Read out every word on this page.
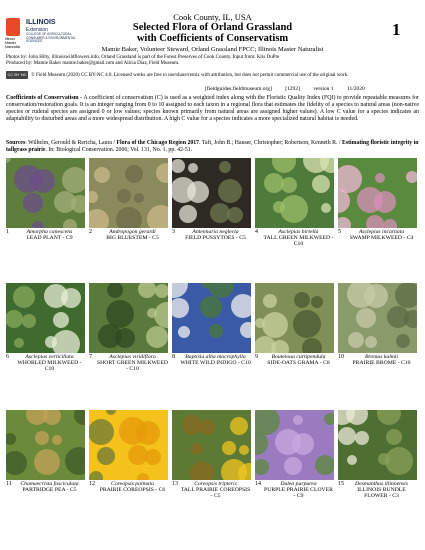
Illinois Master Naturalist
ILLINOIS
Extension
COLLEGE OF AGRICULTURAL, CONSUMER & ENVIRONMENTAL SCIENCES
Cook County, IL, USA
Selected Flora of Orland Grassland
with Coefficients of Conservatism	1
Mamie Baker, Volunteer Steward, Orland Grassland FPCC; Illinois Master Naturalist
Photos by: John Hilty, illinoiswildflowers.info. Orland Grassland is part of the Forest Preserves of Cook County. Input from: Kris DuPre
Produced by: Mamie Baker mamie.baker@gmail.com and Alicia Diaz, Field Museum.
CC BY NC © Field Museum (2020) CC BY-NC 4.0. Licensed works are free to use/share/remix with attribution, but does not permit commercial use of the original work.
[fieldguides.fieldmuseum.org] [1292] version 1 11/2020
Coefficients of Conservatism - A coefficient of conservatism (C) is used as a weighted index along with the Floristic Quality Index (FQI) to provide repeatable measures for conservation/restoration goals. It is an integer ranging from 0 to 10 assigned to each taxon in a regional flora that estimates the fidelity of a species to natural areas (non-native species or ruderal species are assigned 0 or low values; species known primarily from natural areas are assigned higher values). A low C value for a species indicates an adaptability to disturbed areas and a more widespread distribution. A high C value for a species indicates a more specialized natural habitat is needed.
Sources: Wilhelm, Gerould & Rericha, Laura / Flora of the Chicago Region 2017. Taft, John B.; Hauser, Christopher; Robertson, Kenneth R. / Estimating floristic integrity in tallgrass prairie. In: Biological Conservation. 2006; Vol. 131, No. 1. pp. 42-51.
1	Amorpha canescens
LEAD PLANT - C9
2	Andropogon gerardi
BIG BLUESTEM - C5
3	Antennaria neglecta
FIELD PUSSYTOES - C5
4	Asclepias hirtella
TALL GREEN MILKWEED - C10
5	Asclepias incarnata
SWAMP MILKWEED - C4
6	Asclepias verticillata
WHORLED MILKWEED - C10
7	Asclepias viridiflora
SHORT GREEN MILKWEED - C10
8	Baptisia alba macrophylla
WHITE WILD INDIGO - C10
9	Bouteloua curtipendula
SIDE-OATS GRAMA - C8
10	Bromus kalmii
PRAIRIE BROME - C10
11	Chamaecrista fasciculata
PARTRIDGE PEA - C5
12	Coreopsis palmata
PRAIRIE COREOPSIS - C6
13	Coreopsis tripteris
TALL PRAIRIE COREOPSIS - C5
14	Dalea purpurea
PURPLE PRAIRIE CLOVER - C9
15	Desmanthus illinoensis
ILLINOIS BUNDLE FLOWER - C3
